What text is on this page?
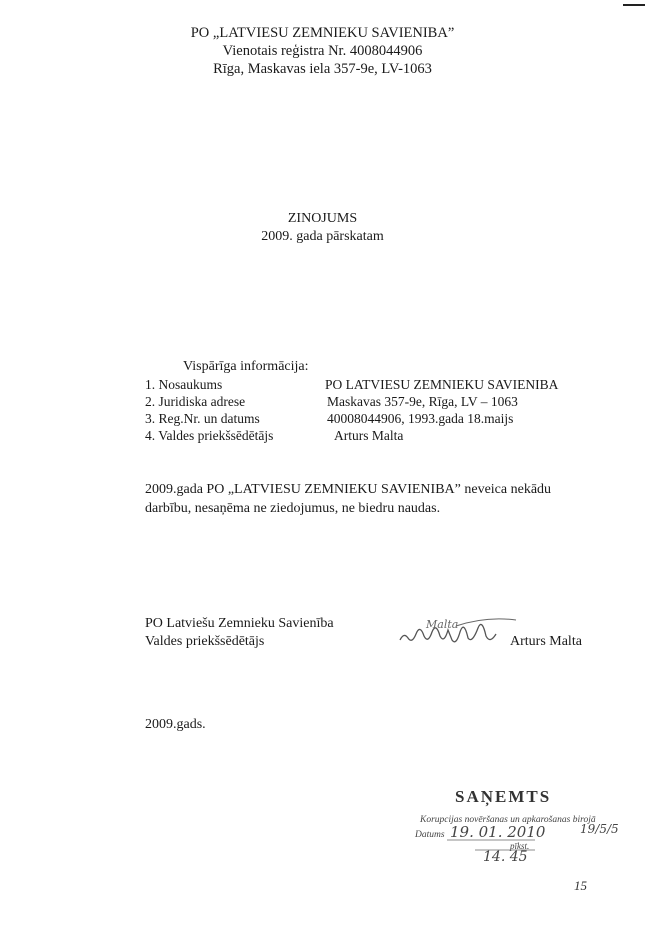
PO „LATVIESU ZEMNIEKU SAVIENIBA”
Vienotais reģistra Nr. 4008044906
Rīga, Maskavas iela 357-9e, LV-1063
ZINOJUMS
2009. gada pārskatam
Vispārīga informācija:
1. Nosaukums	PO LATVIESU ZEMNIEKU SAVIENIBA
2. Juridiska adrese	Maskavas 357-9e, Rīga, LV – 1063
3. Reg.Nr. un datums	40008044906, 1993.gada 18.maijs
4. Valdes priekšsēdētājs	Arturs Malta
2009.gada PO „LATVIESU ZEMNIEKU SAVIENIBA” neveica nekādu
darbību, nesaņēma ne ziedojumus, ne biedru naudas.
PO Latviešu Zemnieku Savienība
Valdes priekšsēdētājs
Malta
Arturs Malta
2009.gads.
SAŅEMTS
Korupcijas novēršanas un apkarošanas birojā
Datums
pīkst.
19. 01. 2010	19/5/5
14. 45
15
